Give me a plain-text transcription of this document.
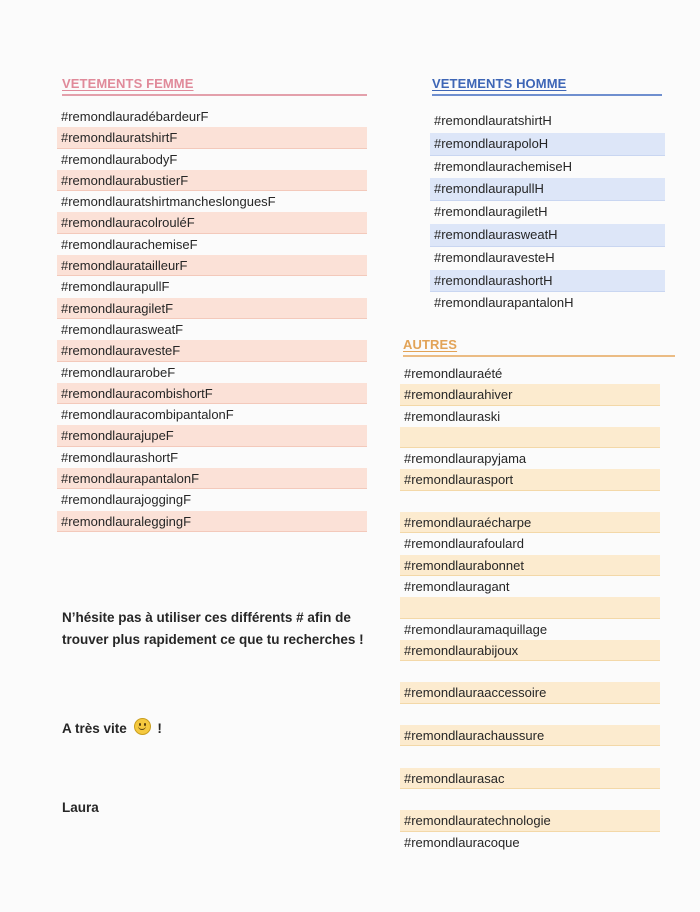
VETEMENTS FEMME
#remondlauradébardeurF
#remondlauratshirtF
#remondlaurabodyF
#remondlaurabustierF
#remondlauratshirtmancheslonguesF
#remondlauracolrouléF
#remondlaurachemiseF
#remondlauratailleurF
#remondlaurapullF
#remondlauragiletF
#remondlaurasweatF
#remondlauravesteF
#remondlaurarobeF
#remondlauracombishortF
#remondlauracombipantalonF
#remondlaurajupeF
#remondlaurashortF
#remondlaurapantalonF
#remondlaurajoggingF
#remondlauraleggingF
VETEMENTS HOMME
#remondlauratshirtH
#remondlaurapoloH
#remondlaurachemiseH
#remondlaurapullH
#remondlauragiletH
#remondlaurasweatH
#remondlauravesteH
#remondlaurashortH
#remondlaurapantalonH
AUTRES
#remondlauraété
#remondlaurahiver
#remondlauraski
#remondlaurapyjama
#remondlaurasport
#remondlauraécharpe
#remondlaurafoulard
#remondlaurabonnet
#remondlauragant
#remondlauramaquillage
#remondlaurabijoux
#remondlauraaccessoire
#remondlaurachaussure
#remondlaurasac
#remondlauratechnologie
#remondlauracoque

N’hésite pas à utiliser ces différents # afin de trouver plus rapidement ce que tu recherches !

A très vite !

Laura
